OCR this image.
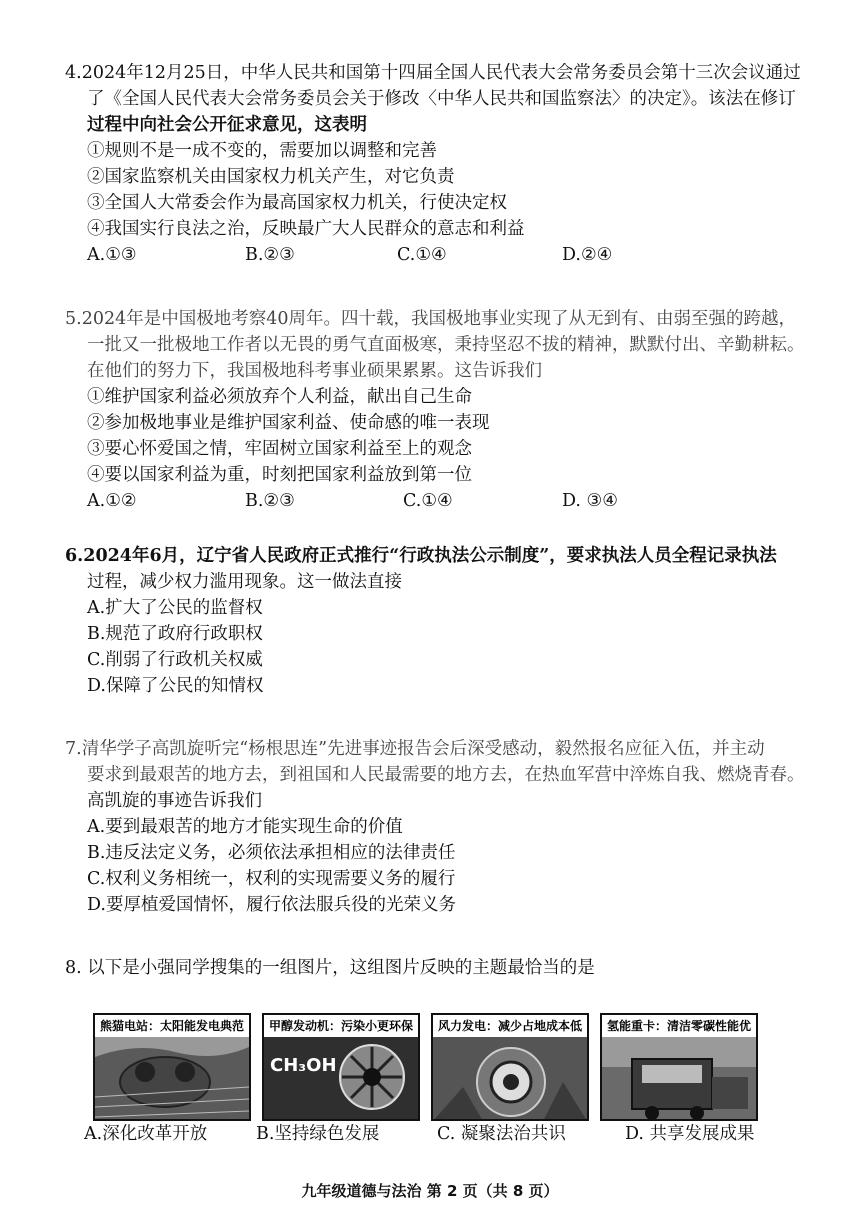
4.2024年12月25日，中华人民共和国第十四届全国人民代表大会常务委员会第十三次会议通过
了《全国人民代表大会常务委员会关于修改〈中华人民共和国监察法〉的决定》。该法在修订
过程中向社会公开征求意见，这表明
①规则不是一成不变的，需要加以调整和完善
②国家监察机关由国家权力机关产生，对它负责
③全国人大常委会作为最高国家权力机关，行使决定权
④我国实行良法之治，反映最广大人民群众的意志和利益
A.①③	B.②③	C.①④	D.②④
5.2024年是中国极地考察40周年。四十载，我国极地事业实现了从无到有、由弱至强的跨越，
一批又一批极地工作者以无畏的勇气直面极寒，秉持坚忍不拔的精神，默默付出、辛勤耕耘。
在他们的努力下，我国极地科考事业硕果累累。这告诉我们
①维护国家利益必须放弃个人利益，献出自己生命
②参加极地事业是维护国家利益、使命感的唯一表现
③要心怀爱国之情，牢固树立国家利益至上的观念
④要以国家利益为重，时刻把国家利益放到第一位
A.①②	B.②③	C.①④	D. ③④
6.2024年6月，辽宁省人民政府正式推行“行政执法公示制度”，要求执法人员全程记录执法
过程，减少权力滥用现象。这一做法直接
A.扩大了公民的监督权
B.规范了政府行政职权
C.削弱了行政机关权威
D.保障了公民的知情权
7.清华学子高凯旋听完“杨根思连”先进事迹报告会后深受感动，毅然报名应征入伍，并主动
要求到最艰苦的地方去，到祖国和人民最需要的地方去，在热血军营中淬炼自我、燃烧青春。
高凯旋的事迹告诉我们
A.要到最艰苦的地方才能实现生命的价值
B.违反法定义务，必须依法承担相应的法律责任
C.权利义务相统一，权利的实现需要义务的履行
D.要厚植爱国情怀，履行依法服兵役的光荣义务
8. 以下是小强同学搜集的一组图片，这组图片反映的主题最恰当的是
熊猫电站：太阳能发电典范	甲醇发动机：污染小更环保
CH₃OH
风力发电：减少占地成本低	氢能重卡：清洁零碳性能优
A.深化改革开放	B.坚持绿色发展	C. 凝聚法治共识	D. 共享发展成果
九年级道德与法治 第 2 页（共 8 页）
